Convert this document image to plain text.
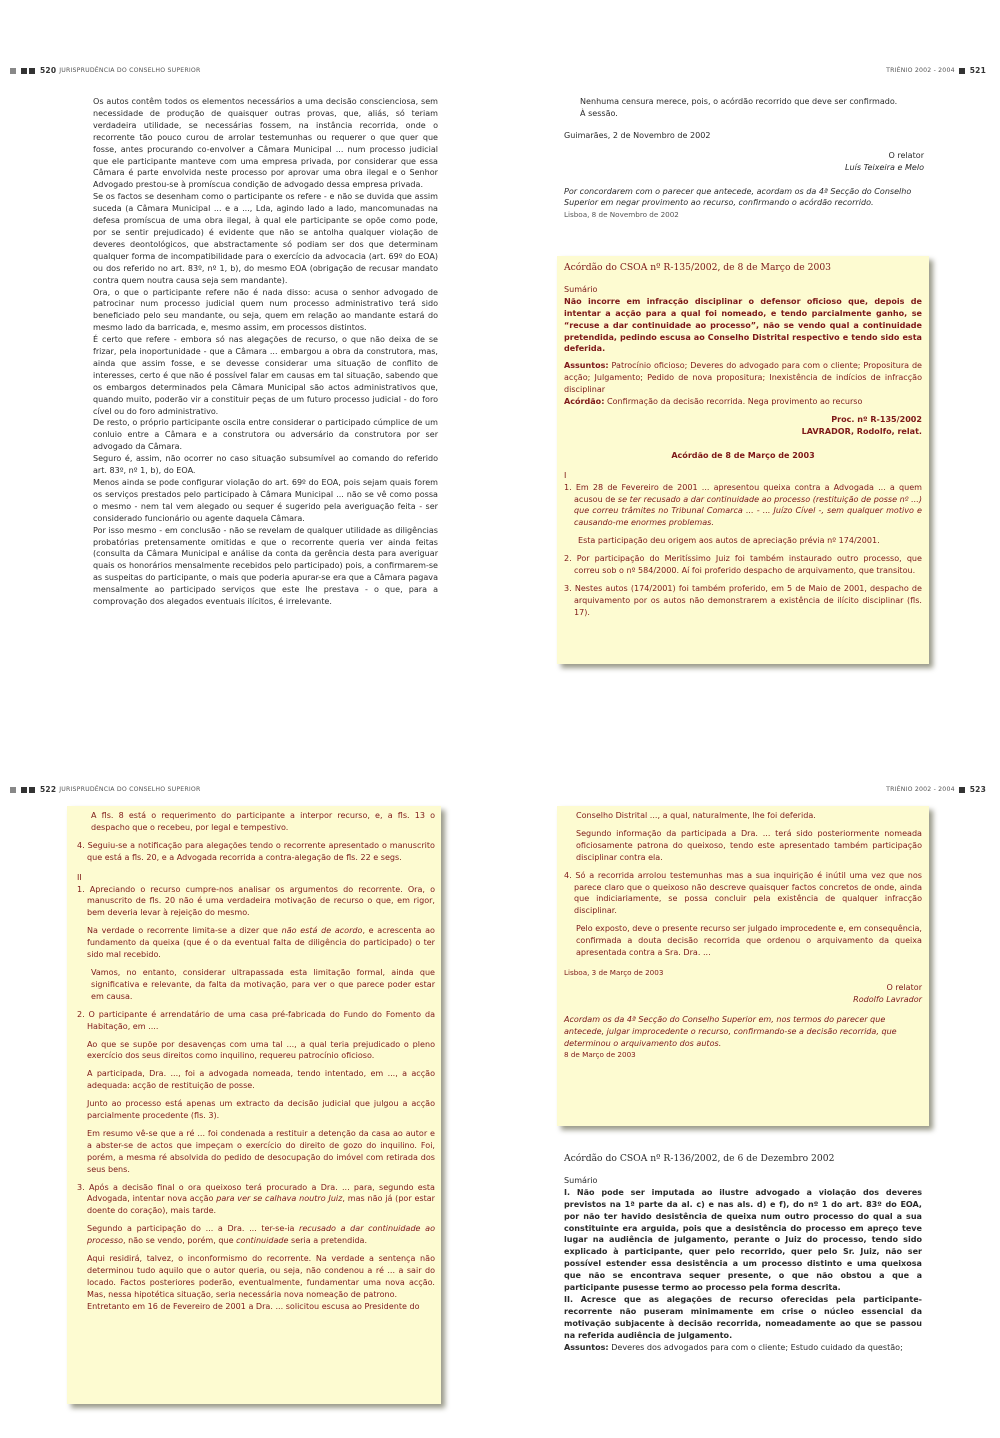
520 JURISPRUDÊNCIA DO CONSELHO SUPERIOR

Os autos contêm todos os elementos necessários a uma decisão conscienciosa, sem necessidade de produção de quaisquer outras provas, que, aliás, só teriam verdadeira utilidade, se necessárias fossem, na instância recorrida, onde o recorrente tão pouco curou de arrolar testemunhas ou requerer o que quer que fosse, antes procurando co-envolver a Câmara Municipal ... num processo judicial que ele participante manteve com uma empresa privada, por considerar que essa Câmara é parte envolvida neste processo por aprovar uma obra ilegal e o Senhor Advogado prestou-se à promíscua condição de advogado dessa empresa privada.

Se os factos se desenham como o participante os refere - e não se duvida que assim suceda (a Câmara Municipal ... e a ..., Lda, agindo lado a lado, mancomunadas na defesa promíscua de uma obra ilegal, à qual ele participante se opõe como pode, por se sentir prejudicado) é evidente que não se antolha qualquer violação de deveres deontológicos, que abstractamente só podiam ser dos que determinam qualquer forma de incompatibilidade para o exercício da advocacia (art. 69º do EOA) ou dos referido no art. 83º, nº 1, b), do mesmo EOA (obrigação de recusar mandato contra quem noutra causa seja sem mandante).

Ora, o que o participante refere não é nada disso: acusa o senhor advogado de patrocinar num processo judicial quem num processo administrativo terá sido beneficiado pelo seu mandante, ou seja, quem em relação ao mandante estará do mesmo lado da barricada, e, mesmo assim, em processos distintos.

É certo que refere - embora só nas alegações de recurso, o que não deixa de se frizar, pela inoportunidade - que a Câmara ... embargou a obra da construtora, mas, ainda que assim fosse, e se devesse considerar uma situação de conflito de interesses, certo é que não é possível falar em causas em tal situação, sabendo que os embargos determinados pela Câmara Municipal são actos administrativos que, quando muito, poderão vir a constituir peças de um futuro processo judicial - do foro cível ou do foro administrativo.

De resto, o próprio participante oscila entre considerar o participado cúmplice de um conluio entre a Câmara e a construtora ou adversário da construtora por ser advogado da Câmara.

Seguro é, assim, não ocorrer no caso situação subsumível ao comando do referido art. 83º, nº 1, b), do EOA.

Menos ainda se pode configurar violação do art. 69º do EOA, pois sejam quais forem os serviços prestados pelo participado à Câmara Municipal ... não se vê como possa o mesmo - nem tal vem alegado ou sequer é sugerido pela averiguação feita - ser considerado funcionário ou agente daquela Câmara.

Por isso mesmo - em conclusão - não se revelam de qualquer utilidade as diligências probatórias pretensamente omitidas e que o recorrente queria ver ainda feitas (consulta da Câmara Municipal e análise da conta da gerência desta para averiguar quais os honorários mensalmente recebidos pelo participado) pois, a confirmarem-se as suspeitas do participante, o mais que poderia apurar-se era que a Câmara pagava mensalmente ao participado serviços que este lhe prestava - o que, para a comprovação dos alegados eventuais ilícitos, é irrelevante.

TRIÉNIO 2002 - 2004 521

Nenhuma censura merece, pois, o acórdão recorrido que deve ser confirmado.

À sessão.

Guimarães, 2 de Novembro de 2002

O relator

Luís Teixeira e Melo

Por concordarem com o parecer que antecede, acordam os da 4ª Secção do Conselho Superior em negar provimento ao recurso, confirmando o acórdão recorrido.

Lisboa, 8 de Novembro de 2002

Acórdão do CSOA nº R-135/2002, de 8 de Março de 2003

Sumário

Não incorre em infracção disciplinar o defensor oficioso que, depois de intentar a acção para a qual foi nomeado, e tendo parcialmente ganho, se “recuse a dar continuidade ao processo”, não se vendo qual a continuidade pretendida, pedindo escusa ao Conselho Distrital respectivo e tendo sido esta deferida.

Assuntos: Patrocínio oficioso; Deveres do advogado para com o cliente; Propositura de acção; Julgamento; Pedido de nova propositura; Inexistência de indícios de infracção disciplinar

Acórdão: Confirmação da decisão recorrida. Nega provimento ao recurso

Proc. nº R-135/2002

LAVRADOR, Rodolfo, relat.

Acórdão de 8 de Março de 2003

I

1. Em 28 de Fevereiro de 2001 ... apresentou queixa contra a Advogada ... a quem acusou de se ter recusado a dar continuidade ao processo (restituição de posse nº ...) que correu trâmites no Tribunal Comarca ... - ... Juízo Cível -, sem qualquer motivo e causando-me enormes problemas.

Esta participação deu origem aos autos de apreciação prévia nº 174/2001.

2. Por participação do Meritíssimo Juiz foi também instaurado outro processo, que correu sob o nº 584/2000. Aí foi proferido despacho de arquivamento, que transitou.

3. Nestes autos (174/2001) foi também proferido, em 5 de Maio de 2001, despacho de arquivamento por os autos não demonstrarem a existência de ilícito disciplinar (fls. 17).

522 JURISPRUDÊNCIA DO CONSELHO SUPERIOR

A fls. 8 está o requerimento do participante a interpor recurso, e, a fls. 13 o despacho que o recebeu, por legal e tempestivo.

4. Seguiu-se a notificação para alegações tendo o recorrente apresentado o manuscrito que está a fls. 20, e a Advogada recorrida a contra-alegação de fls. 22 e segs.

II

1. Apreciando o recurso cumpre-nos analisar os argumentos do recorrente. Ora, o manuscrito de fls. 20 não é uma verdadeira motivação de recurso o que, em rigor, bem deveria levar à rejeição do mesmo.

Na verdade o recorrente limita-se a dizer que não está de acordo, e acrescenta ao fundamento da queixa (que é o da eventual falta de diligência do participado) o ter sido mal recebido.

Vamos, no entanto, considerar ultrapassada esta limitação formal, ainda que significativa e relevante, da falta da motivação, para ver o que parece poder estar em causa.

2. O participante é arrendatário de uma casa pré-fabricada do Fundo do Fomento da Habitação, em ....

Ao que se supõe por desavenças com uma tal ..., a qual teria prejudicado o pleno exercício dos seus direitos como inquilino, requereu patrocínio oficioso.

A participada, Dra. ..., foi a advogada nomeada, tendo intentado, em ..., a acção adequada: acção de restituição de posse.

Junto ao processo está apenas um extracto da decisão judicial que julgou a acção parcialmente procedente (fls. 3).

Em resumo vê-se que a ré ... foi condenada a restituir a detenção da casa ao autor e a abster-se de actos que impeçam o exercício do direito de gozo do inquilino. Foi, porém, a mesma ré absolvida do pedido de desocupação do imóvel com retirada dos seus bens.

3. Após a decisão final o ora queixoso terá procurado a Dra. ... para, segundo esta Advogada, intentar nova acção para ver se calhava noutro Juiz, mas não já (por estar doente do coração), mais tarde.

Segundo a participação do ... a Dra. ... ter-se-ia recusado a dar continuidade ao processo, não se vendo, porém, que continuidade seria a pretendida.

Aqui residirá, talvez, o inconformismo do recorrente. Na verdade a sentença não determinou tudo aquilo que o autor queria, ou seja, não condenou a ré ... a sair do locado. Factos posteriores poderão, eventualmente, fundamentar uma nova acção. Mas, nessa hipotética situação, seria necessária nova nomeação de patrono.

Entretanto em 16 de Fevereiro de 2001 a Dra. ... solicitou escusa ao Presidente do

TRIÉNIO 2002 - 2004 523

Conselho Distrital ..., a qual, naturalmente, lhe foi deferida.

Segundo informação da participada a Dra. ... terá sido posteriormente nomeada oficiosamente patrona do queixoso, tendo este apresentado também participação disciplinar contra ela.

4. Só a recorrida arrolou testemunhas mas a sua inquirição é inútil uma vez que nos parece claro que o queixoso não descreve quaisquer factos concretos de onde, ainda que indiciariamente, se possa concluir pela existência de qualquer infracção disciplinar.

Pelo exposto, deve o presente recurso ser julgado improcedente e, em consequência, confirmada a douta decisão recorrida que ordenou o arquivamento da queixa apresentada contra a Sra. Dra. ...

Lisboa, 3 de Março de 2003

O relator

Rodolfo Lavrador

Acordam os da 4ª Secção do Conselho Superior em, nos termos do parecer que antecede, julgar improcedente o recurso, confirmando-se a decisão recorrida, que determinou o arquivamento dos autos.

8 de Março de 2003

Acórdão do CSOA nº R-136/2002, de 6 de Dezembro 2002

Sumário

I. Não pode ser imputada ao ilustre advogado a violação dos deveres previstos na 1ª parte da al. c) e nas als. d) e f), do nº 1 do art. 83º do EOA, por não ter havido desistência de queixa num outro processo do qual a sua constituinte era arguida, pois que a desistência do processo em apreço teve lugar na audiência de julgamento, perante o Juiz do processo, tendo sido explicado à participante, quer pelo recorrido, quer pelo Sr. Juiz, não ser possível estender essa desistência a um processo distinto e uma queixosa que não se encontrava sequer presente, o que não obstou a que a participante pusesse termo ao processo pela forma descrita.

II. Acresce que as alegações de recurso oferecidas pela participante-recorrente não puseram minimamente em crise o núcleo essencial da motivação subjacente à decisão recorrida, nomeadamente ao que se passou na referida audiência de julgamento.

Assuntos: Deveres dos advogados para com o cliente; Estudo cuidado da questão;
